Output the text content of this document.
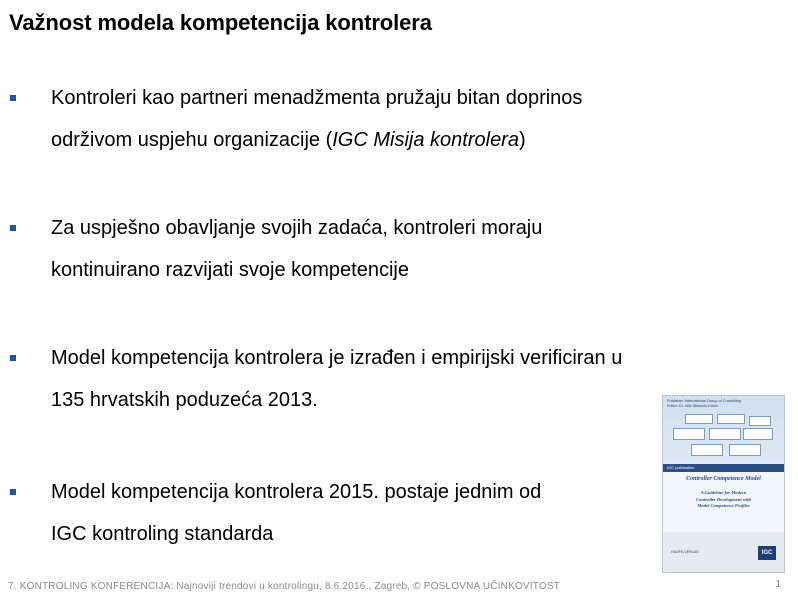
Važnost modela kompetencija kontrolera
Kontroleri kao partneri menadžmenta pružaju bitan doprinos
održivom uspjehu organizacije (IGC Misija kontrolera)
Za uspješno obavljanje svojih zadaća, kontroleri moraju
kontinuirano razvijati svoje kompetencije
Model kompetencija kontrolera je izrađen i empirijski verificiran u
135 hrvatskih poduzeća 2013.
Model kompetencija kontrolera 2015. postaje jednim od
IGC kontroling standarda
Publisher: International Group of Controlling
Editor: Dr. Mile Mirković-Rosin
IGC publication
Controller Competence Model
A Guideline for Modern
Controller Development with
Model Competence Profiles
HAUFE-VERLAG	IGC
7. KONTROLING KONFERENCIJA: Najnoviji trendovi u kontrolingu, 8.6.2016., Zagreb, © POSLOVNA UČINKOVITOST	1
